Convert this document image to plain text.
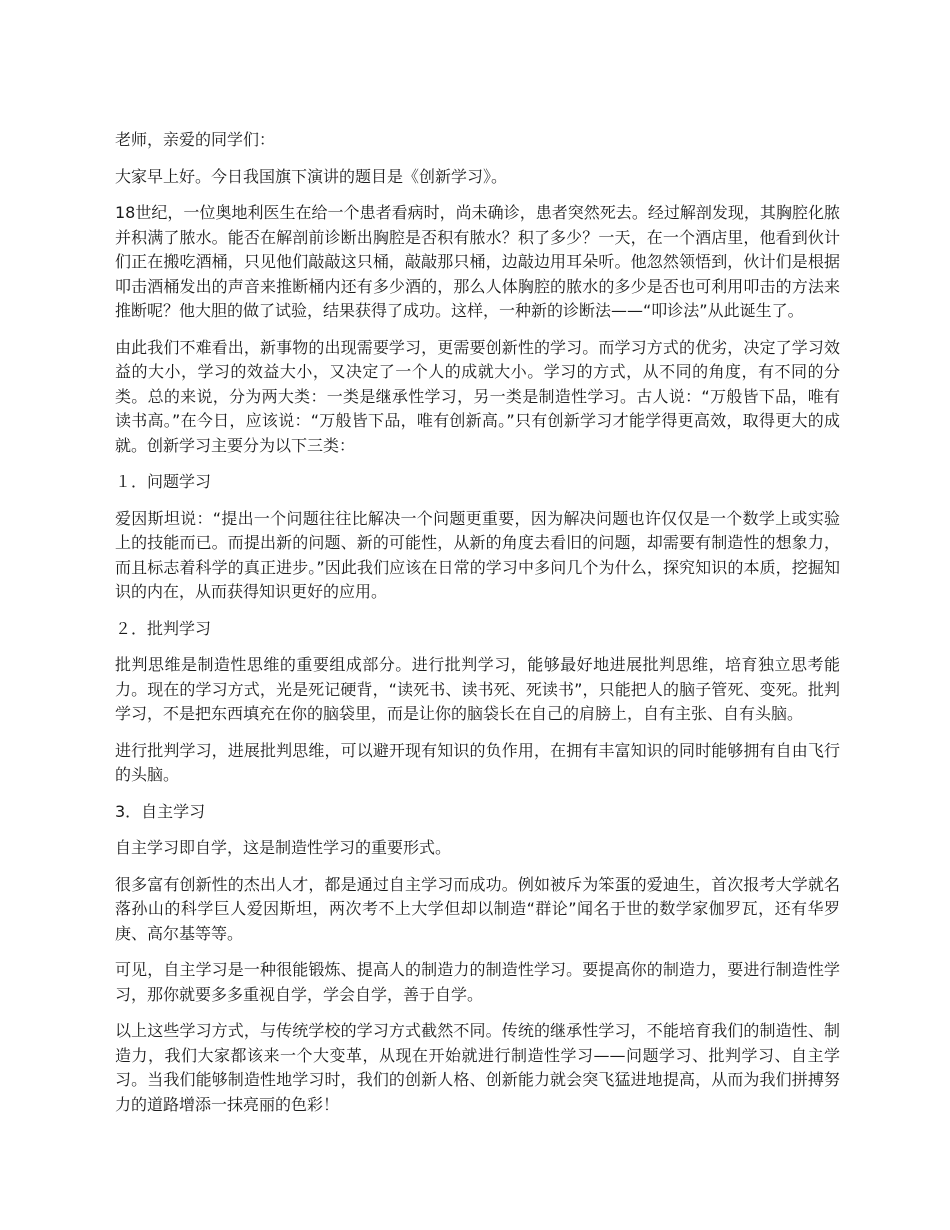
老师，亲爱的同学们：

大家早上好。今日我国旗下演讲的题目是《创新学习》。

18世纪，一位奥地利医生在给一个患者看病时，尚未确诊，患者突然死去。经过解剖发现，其胸腔化脓并积满了脓水。能否在解剖前诊断出胸腔是否积有脓水？积了多少？一天，在一个酒店里，他看到伙计们正在搬吃酒桶，只见他们敲敲这只桶，敲敲那只桶，边敲边用耳朵听。他忽然领悟到，伙计们是根据叩击酒桶发出的声音来推断桶内还有多少酒的，那么人体胸腔的脓水的多少是否也可利用叩击的方法来推断呢？他大胆的做了试验，结果获得了成功。这样，一种新的诊断法——“叩诊法”从此诞生了。

由此我们不难看出，新事物的出现需要学习，更需要创新性的学习。而学习方式的优劣，决定了学习效益的大小，学习的效益大小，又决定了一个人的成就大小。学习的方式，从不同的角度，有不同的分类。总的来说，分为两大类：一类是继承性学习，另一类是制造性学习。古人说：“万般皆下品，唯有读书高。”在今日，应该说：“万般皆下品，唯有创新高。”只有创新学习才能学得更高效，取得更大的成就。创新学习主要分为以下三类：

１．问题学习

爱因斯坦说：“提出一个问题往往比解决一个问题更重要，因为解决问题也许仅仅是一个数学上或实验上的技能而已。而提出新的问题、新的可能性，从新的角度去看旧的问题，却需要有制造性的想象力，而且标志着科学的真正进步。”因此我们应该在日常的学习中多问几个为什么，探究知识的本质，挖掘知识的内在，从而获得知识更好的应用。

２．批判学习

批判思维是制造性思维的重要组成部分。进行批判学习，能够最好地进展批判思维，培育独立思考能力。现在的学习方式，光是死记硬背，“读死书、读书死、死读书”，只能把人的脑子管死、变死。批判学习，不是把东西填充在你的脑袋里，而是让你的脑袋长在自己的肩膀上，自有主张、自有头脑。

进行批判学习，进展批判思维，可以避开现有知识的负作用，在拥有丰富知识的同时能够拥有自由飞行的头脑。

3．自主学习

自主学习即自学，这是制造性学习的重要形式。

很多富有创新性的杰出人才，都是通过自主学习而成功。例如被斥为笨蛋的爱迪生，首次报考大学就名落孙山的科学巨人爱因斯坦，两次考不上大学但却以制造“群论”闻名于世的数学家伽罗瓦，还有华罗庚、高尔基等等。

可见，自主学习是一种很能锻炼、提高人的制造力的制造性学习。要提高你的制造力，要进行制造性学习，那你就要多多重视自学，学会自学，善于自学。

以上这些学习方式，与传统学校的学习方式截然不同。传统的继承性学习，不能培育我们的制造性、制造力，我们大家都该来一个大变革，从现在开始就进行制造性学习——问题学习、批判学习、自主学习。当我们能够制造性地学习时，我们的创新人格、创新能力就会突飞猛进地提高，从而为我们拼搏努力的道路增添一抹亮丽的色彩！
